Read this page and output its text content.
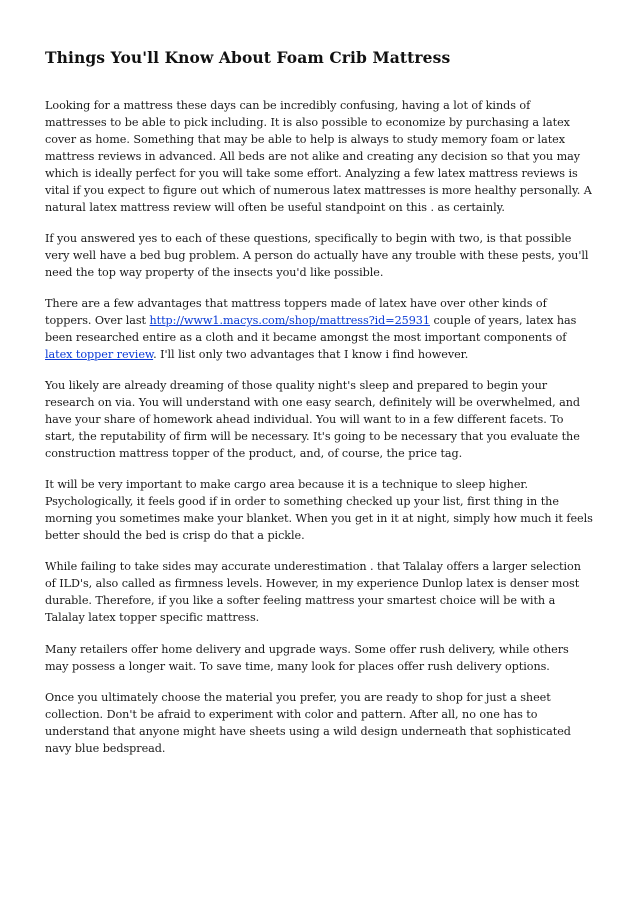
Things You'll Know About Foam Crib Mattress

Looking for a mattress these days can be incredibly confusing, having a lot of kinds of mattresses to be able to pick including. It is also possible to economize by purchasing a latex cover as home. Something that may be able to help is always to study memory foam or latex mattress reviews in advanced. All beds are not alike and creating any decision so that you may which is ideally perfect for you will take some effort. Analyzing a few latex mattress reviews is vital if you expect to figure out which of numerous latex mattresses is more healthy personally. A natural latex mattress review will often be useful standpoint on this . as certainly.

If you answered yes to each of these questions, specifically to begin with two, is that possible very well have a bed bug problem. A person do actually have any trouble with these pests, you'll need the top way property of the insects you'd like possible.

There are a few advantages that mattress toppers made of latex have over other kinds of toppers. Over last http://www1.macys.com/shop/mattress?id=25931 couple of years, latex has been researched entire as a cloth and it became amongst the most important components of latex topper review. I'll list only two advantages that I know i find however.

You likely are already dreaming of those quality night's sleep and prepared to begin your research on via. You will understand with one easy search, definitely will be overwhelmed, and have your share of homework ahead individual. You will want to in a few different facets. To start, the reputability of firm will be necessary. It's going to be necessary that you evaluate the construction mattress topper of the product, and, of course, the price tag.

It will be very important to make cargo area because it is a technique to sleep higher. Psychologically, it feels good if in order to something checked up your list, first thing in the morning you sometimes make your blanket. When you get in it at night, simply how much it feels better should the bed is crisp do that a pickle.

While failing to take sides may accurate underestimation . that Talalay offers a larger selection of ILD's, also called as firmness levels. However, in my experience Dunlop latex is denser most durable. Therefore, if you like a softer feeling mattress your smartest choice will be with a Talalay latex topper specific mattress.

Many retailers offer home delivery and upgrade ways. Some offer rush delivery, while others may possess a longer wait. To save time, many look for places offer rush delivery options.

Once you ultimately choose the material you prefer, you are ready to shop for just a sheet collection. Don't be afraid to experiment with color and pattern. After all, no one has to understand that anyone might have sheets using a wild design underneath that sophisticated navy blue bedspread.
